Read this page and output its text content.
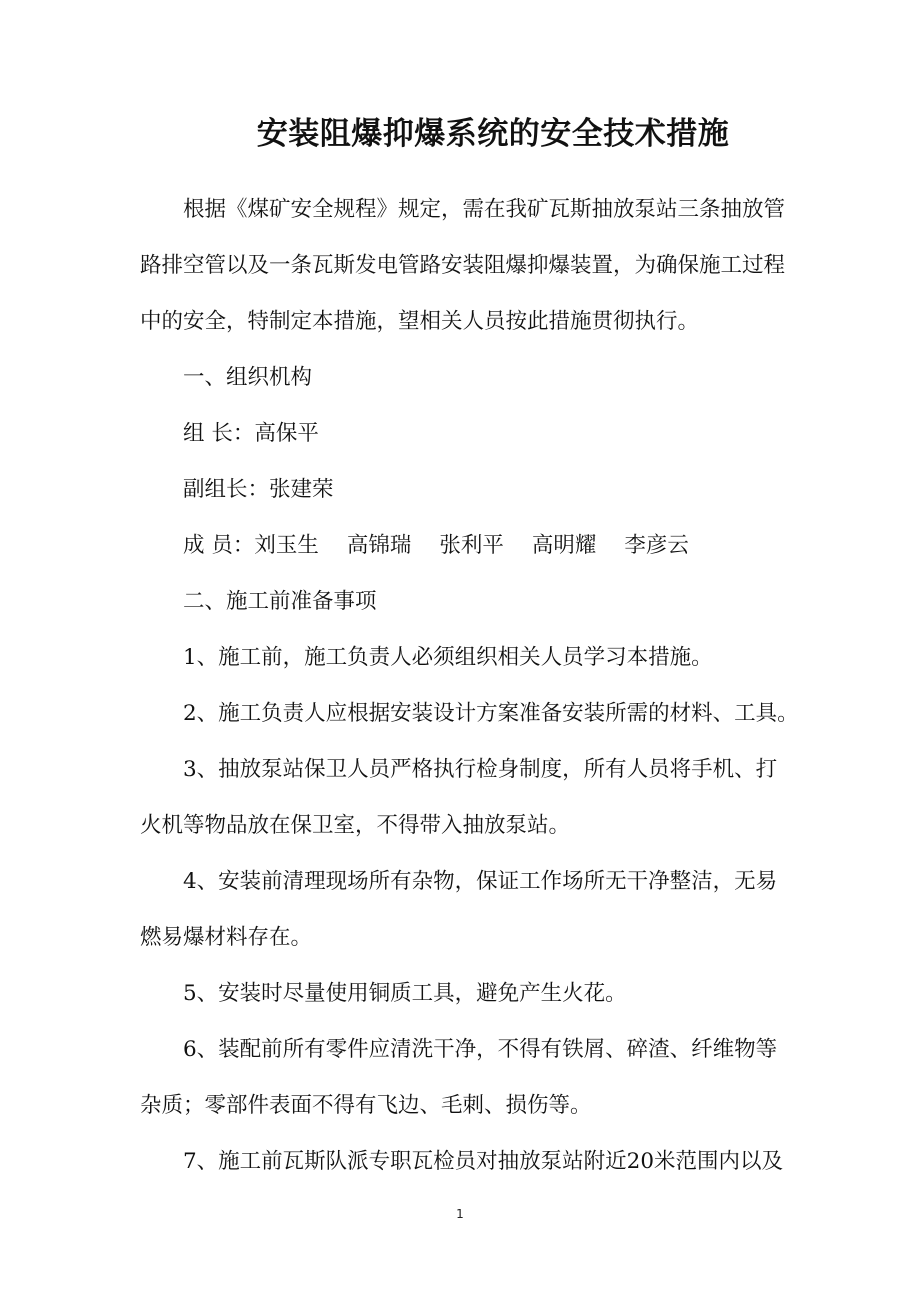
安装阻爆抑爆系统的安全技术措施
根据《煤矿安全规程》规定，需在我矿瓦斯抽放泵站三条抽放管
路排空管以及一条瓦斯发电管路安装阻爆抑爆装置，为确保施工过程
中的安全，特制定本措施，望相关人员按此措施贯彻执行。
一、组织机构
组 长：高保平
副组长：张建荣
成 员：刘玉生 高锦瑞 张利平 高明耀 李彦云
二、施工前准备事项
1、施工前，施工负责人必须组织相关人员学习本措施。
2、施工负责人应根据安装设计方案准备安装所需的材料、工具。
3、抽放泵站保卫人员严格执行检身制度，所有人员将手机、打
火机等物品放在保卫室，不得带入抽放泵站。
4、安装前清理现场所有杂物，保证工作场所无干净整洁，无易
燃易爆材料存在。
5、安装时尽量使用铜质工具，避免产生火花。
6、装配前所有零件应清洗干净，不得有铁屑、碎渣、纤维物等
杂质；零部件表面不得有飞边、毛刺、损伤等。
7、施工前瓦斯队派专职瓦检员对抽放泵站附近20米范围内以及
1
